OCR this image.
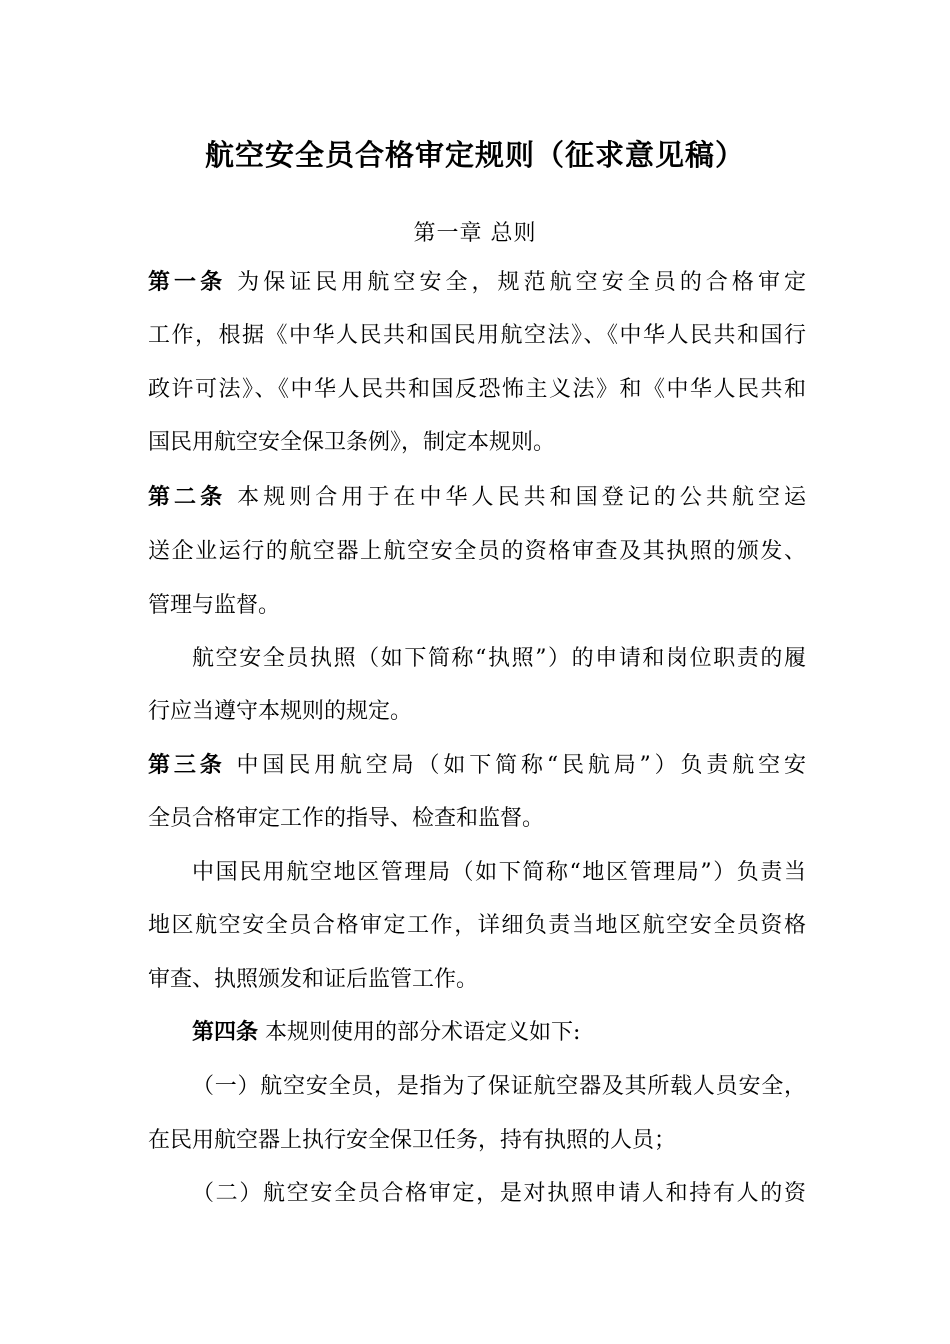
航空安全员合格审定规则（征求意见稿）
第一章 总则
第一条 为保证民用航空安全，规范航空安全员的合格审定
工作，根据《中华人民共和国民用航空法》、《中华人民共和国行
政许可法》、《中华人民共和国反恐怖主义法》和《中华人民共和
国民用航空安全保卫条例》，制定本规则。
第二条 本规则合用于在中华人民共和国登记的公共航空运
送企业运行的航空器上航空安全员的资格审查及其执照的颁发、
管理与监督。
航空安全员执照（如下简称“执照”）的申请和岗位职责的履
行应当遵守本规则的规定。
第三条 中国民用航空局（如下简称“民航局”）负责航空安
全员合格审定工作的指导、检查和监督。
中国民用航空地区管理局（如下简称“地区管理局”）负责当
地区航空安全员合格审定工作，详细负责当地区航空安全员资格
审查、执照颁发和证后监管工作。
第四条 本规则使用的部分术语定义如下:
（一）航空安全员，是指为了保证航空器及其所载人员安全，
在民用航空器上执行安全保卫任务，持有执照的人员；
（二）航空安全员合格审定，是对执照申请人和持有人的资
